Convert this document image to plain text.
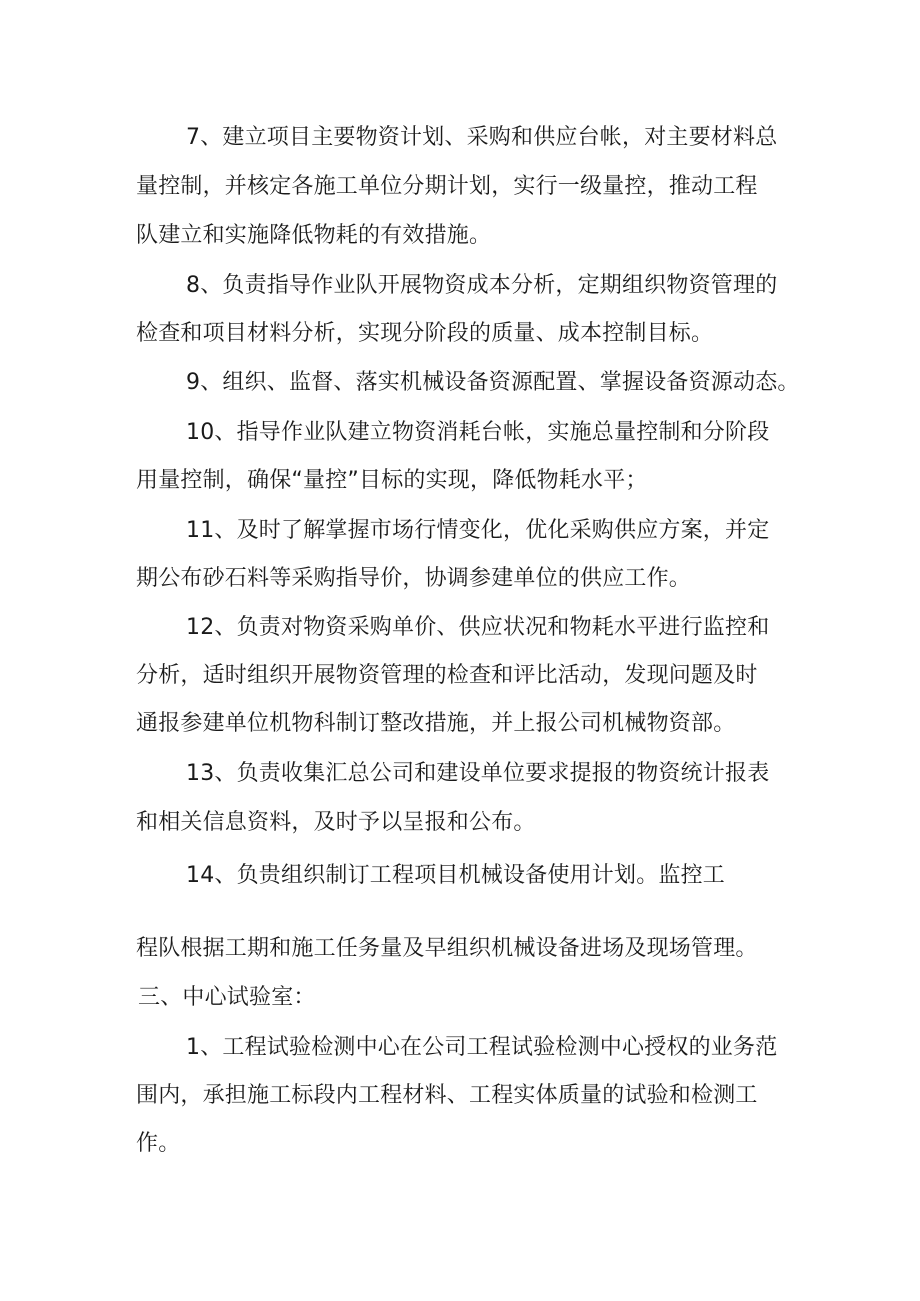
7、建立项目主要物资计划、采购和供应台帐，对主要材料总
量控制，并核定各施工单位分期计划，实行一级量控，推动工程
队建立和实施降低物耗的有效措施。
8、负责指导作业队开展物资成本分析，定期组织物资管理的
检查和项目材料分析，实现分阶段的质量、成本控制目标。
9、组织、监督、落实机械设备资源配置、掌握设备资源动态。
10、指导作业队建立物资消耗台帐，实施总量控制和分阶段
用量控制，确保“量控”目标的实现，降低物耗水平；
11、及时了解掌握市场行情变化，优化采购供应方案，并定
期公布砂石料等采购指导价，协调参建单位的供应工作。
12、负责对物资采购单价、供应状况和物耗水平进行监控和
分析，适时组织开展物资管理的检查和评比活动，发现问题及时
通报参建单位机物科制订整改措施，并上报公司机械物资部。
13、负责收集汇总公司和建设单位要求提报的物资统计报表
和相关信息资料，及时予以呈报和公布。
14、负贵组织制订工程项目机械设备使用计划。监控工
程队根据工期和施工任务量及早组织机械设备进场及现场管理。
三、中心试验室：
1、工程试验检测中心在公司工程试验检测中心授权的业务范
围内，承担施工标段内工程材料、工程实体质量的试验和检测工
作。
